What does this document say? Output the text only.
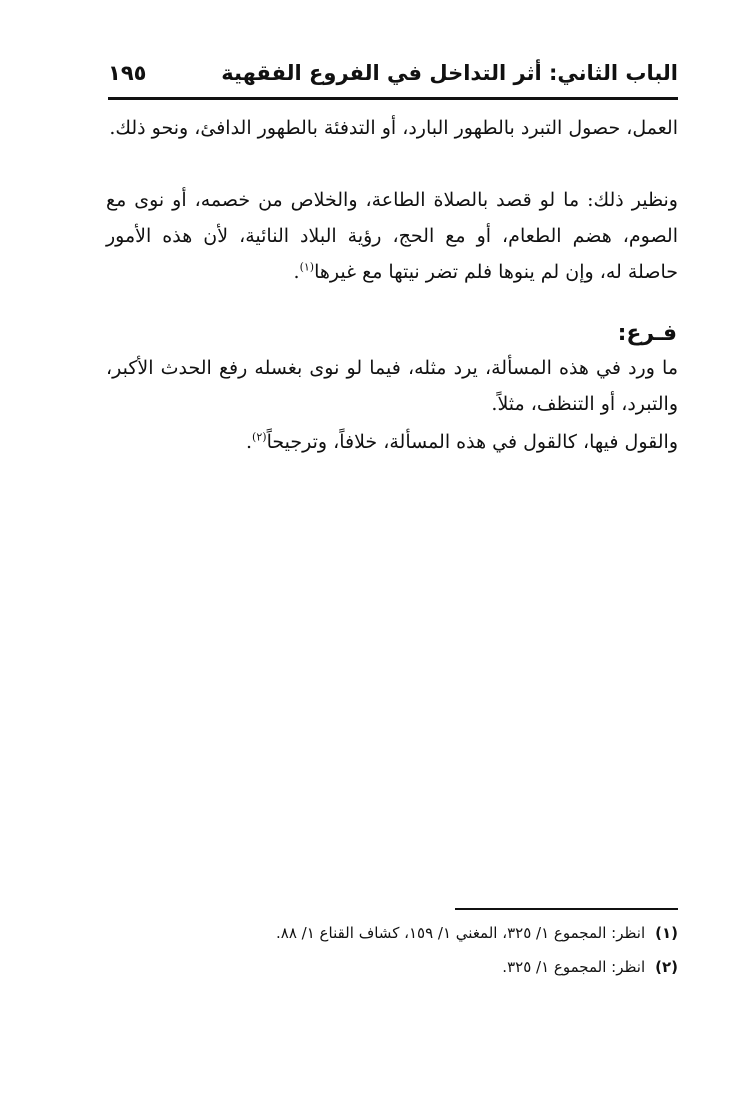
الباب الثاني: أثر التداخل في الفروع الفقهية
١٩٥

العمل، حصول التبرد بالطهور البارد، أو التدفئة بالطهور الدافئ، ونحو ذلك.

ونظير ذلك: ما لو قصد بالصلاة الطاعة، والخلاص من خصمه، أو نوى مع الصوم، هضم الطعام، أو مع الحج، رؤية البلاد النائية، لأن هذه الأمور حاصلة له، وإن لم ينوها فلم تضر نيتها مع غيرها$^{(١)}$.

فـرع:

ما ورد في هذه المسألة، يرد مثله، فيما لو نوى بغسله رفع الحدث الأكبر، والتبرد، أو التنظف، مثلاً.

والقول فيها، كالقول في هذه المسألة، خلافاً، وترجيحاً$^{(٢)}$.

(١)انظر: المجموع ١/ ٣٢٥، المغني ١/ ١٥٩، كشاف القناع ١/ ٨٨.
(٢)انظر: المجموع ١/ ٣٢٥.
